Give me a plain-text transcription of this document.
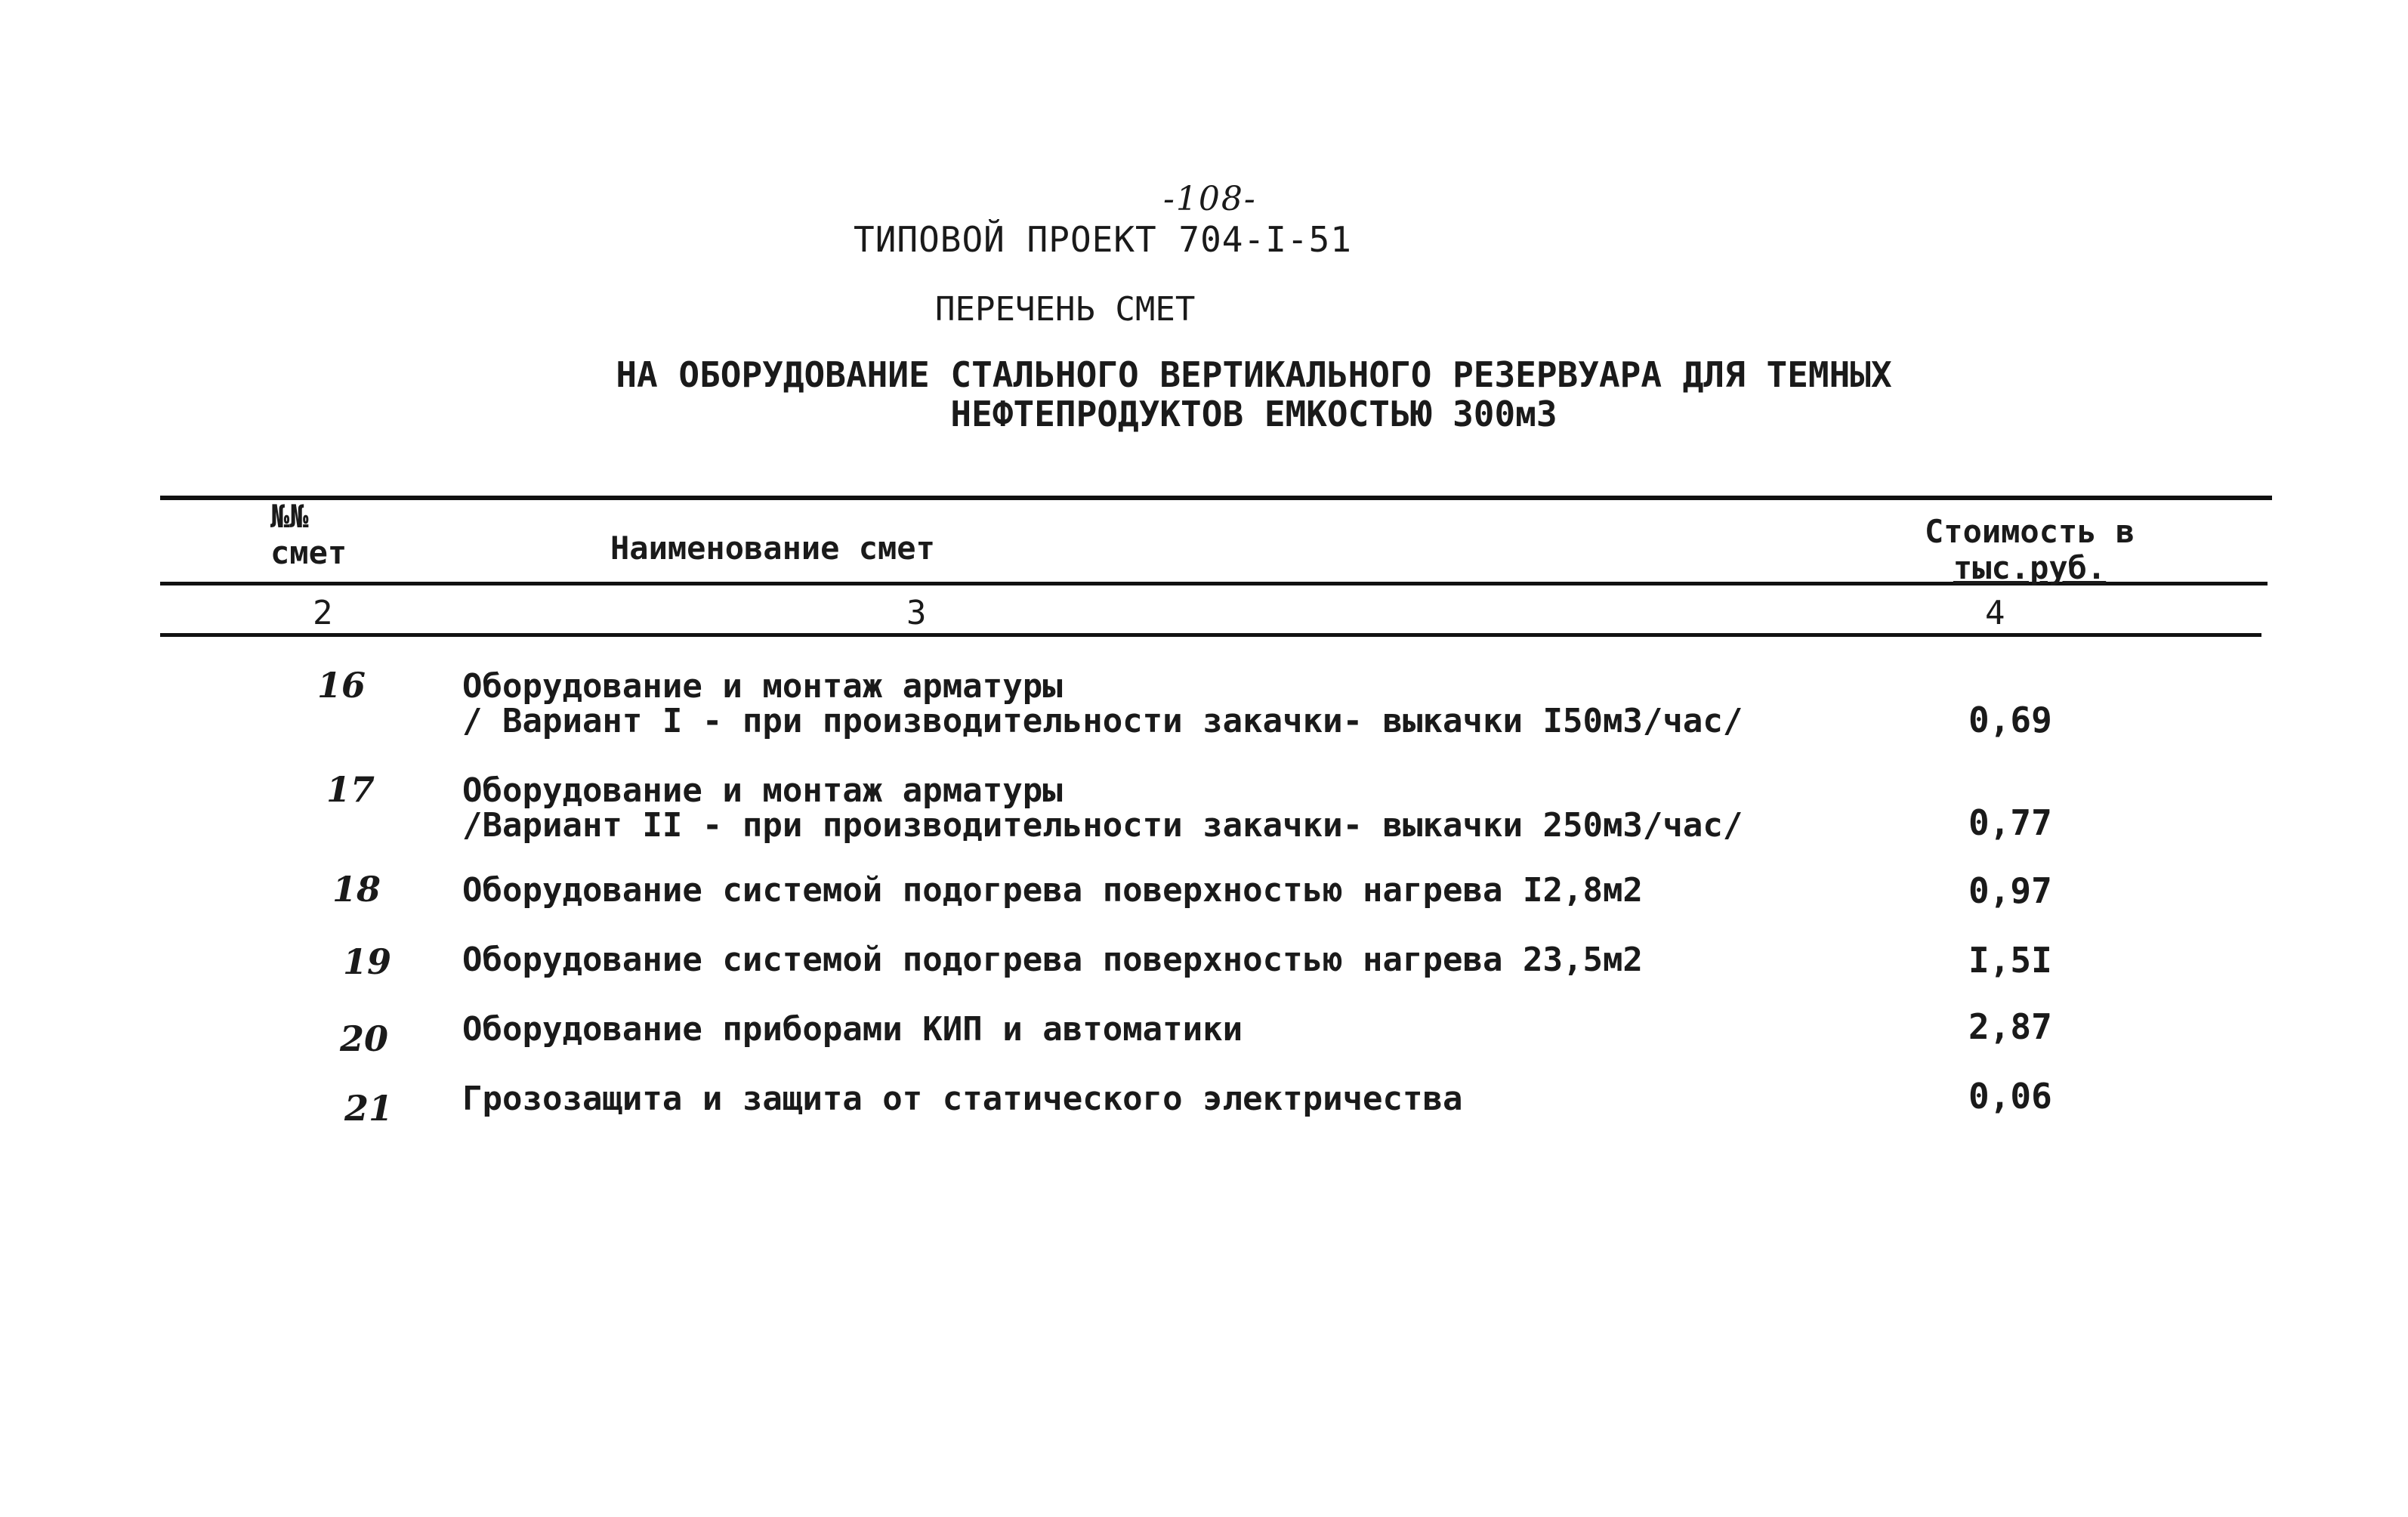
-108-
ТИПОВОЙ ПРОЕКТ 704-I-51
ПЕРЕЧЕНЬ СМЕТ
НА ОБОРУДОВАНИЕ СТАЛЬНОГО ВЕРТИКАЛЬНОГО РЕЗЕРВУАРА ДЛЯ ТЕМНЫХ
НЕФТЕПРОДУКТОВ ЕМКОСТЬЮ 300м3
№№
смет	Наименование смет	Стоимость в
тыс.руб.
2	3	4
16	Оборудование и монтаж арматуры
/ Вариант I - при производительности закачки- выкачки I50м3/час/	0,69
17	Оборудование и монтаж арматуры
/Вариант II - при производительности закачки- выкачки 250м3/час/	0,77
18 Оборудование системой подогрева поверхностью нагрева I2,8м2	0,97
19 Оборудование системой подогрева поверхностью нагрева 23,5м2	I,5I
20 Оборудование приборами КИП и автоматики	2,87
21 Грозозащита и защита от статического электричества	0,06
